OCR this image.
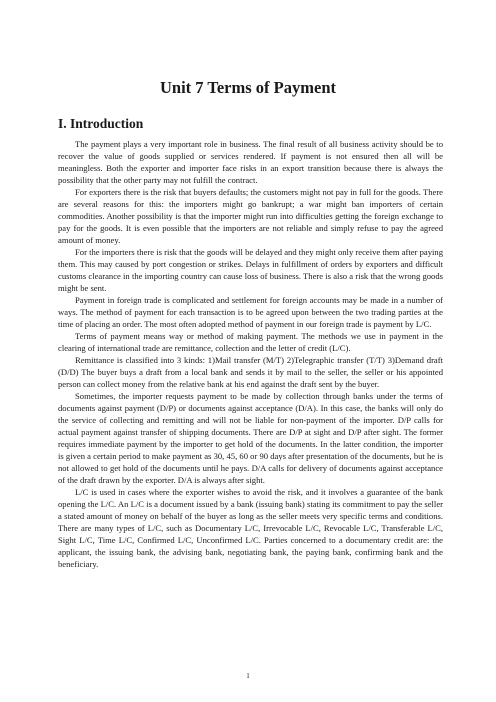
Unit 7 Terms of Payment
I. Introduction

The payment plays a very important role in business. The final result of all business activity should be to recover the value of goods supplied or services rendered. If payment is not ensured then all will be meaningless. Both the exporter and importer face risks in an export transition because there is always the possibility that the other party may not fulfill the contract.

For exporters there is the risk that buyers defaults; the customers might not pay in full for the goods. There are several reasons for this: the importers might go bankrupt; a war might ban importers of certain commodities. Another possibility is that the importer might run into difficulties getting the foreign exchange to pay for the goods. It is even possible that the importers are not reliable and simply refuse to pay the agreed amount of money.

For the importers there is risk that the goods will be delayed and they might only receive them after paying them. This may caused by port congestion or strikes. Delays in fulfillment of orders by exporters and difficult customs clearance in the importing country can cause loss of business. There is also a risk that the wrong goods might be sent.

Payment in foreign trade is complicated and settlement for foreign accounts may be made in a number of ways. The method of payment for each transaction is to be agreed upon between the two trading parties at the time of placing an order. The most often adopted method of payment in our foreign trade is payment by L/C.

Terms of payment means way or method of making payment. The methods we use in payment in the clearing of international trade are remittance, collection and the letter of credit (L/C).

Remittance is classified into 3 kinds: 1)Mail transfer (M/T) 2)Telegraphic transfer (T/T) 3)Demand draft (D/D) The buyer buys a draft from a local bank and sends it by mail to the seller, the seller or his appointed person can collect money from the relative bank at his end against the draft sent by the buyer.

Sometimes, the importer requests payment to be made by collection through banks under the terms of documents against payment (D/P) or documents against acceptance (D/A). In this case, the banks will only do the service of collecting and remitting and will not be liable for non-payment of the importer. D/P calls for actual payment against transfer of shipping documents. There are D/P at sight and D/P after sight. The former requires immediate payment by the importer to get hold of the documents. In the latter condition, the importer is given a certain period to make payment as 30, 45, 60 or 90 days after presentation of the documents, but he is not allowed to get hold of the documents until he pays. D/A calls for delivery of documents against acceptance of the draft drawn by the exporter. D/A is always after sight.

L/C is used in cases where the exporter wishes to avoid the risk, and it involves a guarantee of the bank opening the L/C. An L/C is a document issued by a bank (issuing bank) stating its commitment to pay the seller a stated amount of money on behalf of the buyer as long as the seller meets very specific terms and conditions. There are many types of L/C, such as Documentary L/C, Irrevocable L/C, Revocable L/C, Transferable L/C, Sight L/C, Time L/C, Confirmed L/C, Unconfirmed L/C. Parties concerned to a documentary credit are: the applicant, the issuing bank, the advising bank, negotiating bank, the paying bank, confirming bank and the beneficiary.

1
